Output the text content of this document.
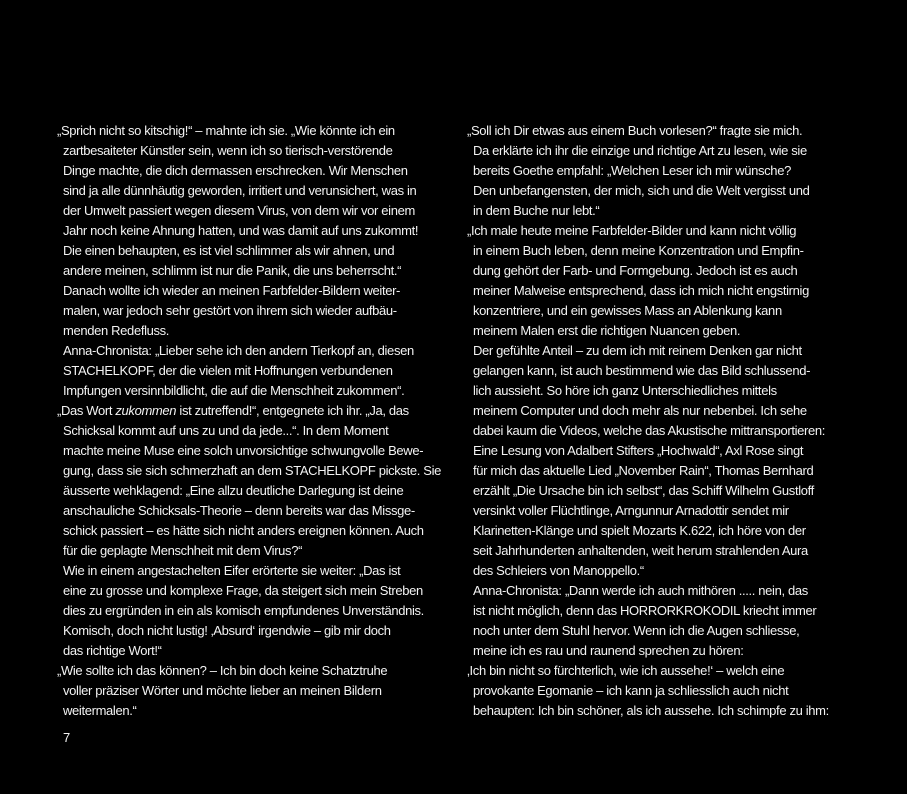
„Sprich nicht so kitschig!“ – mahnte ich sie. „Wie könnte ich ein
zartbesaiteter Künstler sein, wenn ich so tierisch-verstörende
Dinge machte, die dich dermassen erschrecken. Wir Menschen
sind ja alle dünnhäutig geworden, irritiert und verunsichert, was in
der Umwelt passiert wegen diesem Virus, von dem wir vor einem
Jahr noch keine Ahnung hatten, und was damit auf uns zukommt!
Die einen behaupten, es ist viel schlimmer als wir ahnen, und
andere meinen, schlimm ist nur die Panik, die uns beherrscht.“
Danach wollte ich wieder an meinen Farbfelder-Bildern weiter-
malen, war jedoch sehr gestört von ihrem sich wieder aufbäu-
menden Redefluss.
Anna-Chronista: „Lieber sehe ich den andern Tierkopf an, diesen
STACHELKOPF, der die vielen mit Hoffnungen verbundenen
Impfungen versinnbildlicht, die auf die Menschheit zukommen“.
„Das Wort zukommen ist zutreffend!“, entgegnete ich ihr. „Ja, das
Schicksal kommt auf uns zu und da jede...“. In dem Moment
machte meine Muse eine solch unvorsichtige schwungvolle Bewe-
gung, dass sie sich schmerzhaft an dem STACHELKOPF pickste. Sie
äusserte wehklagend: „Eine allzu deutliche Darlegung ist deine
anschauliche Schicksals-Theorie – denn bereits war das Missge-
schick passiert – es hätte sich nicht anders ereignen können. Auch
für die geplagte Menschheit mit dem Virus?“
Wie in einem angestachelten Eifer erörterte sie weiter: „Das ist
eine zu grosse und komplexe Frage, da steigert sich mein Streben
dies zu ergründen in ein als komisch empfundenes Unverständnis.
Komisch, doch nicht lustig! ‚Absurd‘ irgendwie – gib mir doch
das richtige Wort!“
„Wie sollte ich das können? – Ich bin doch keine Schatztruhe
voller präziser Wörter und möchte lieber an meinen Bildern
weitermalen.“
„Soll ich Dir etwas aus einem Buch vorlesen?“ fragte sie mich.
Da erklärte ich ihr die einzige und richtige Art zu lesen, wie sie
bereits Goethe empfahl: „Welchen Leser ich mir wünsche?
Den unbefangensten, der mich, sich und die Welt vergisst und
in dem Buche nur lebt.“
„Ich male heute meine Farbfelder-Bilder und kann nicht völlig
in einem Buch leben, denn meine Konzentration und Empfin-
dung gehört der Farb- und Formgebung. Jedoch ist es auch
meiner Malweise entsprechend, dass ich mich nicht engstirnig
konzentriere, und ein gewisses Mass an Ablenkung kann
meinem Malen erst die richtigen Nuancen geben.
Der gefühlte Anteil – zu dem ich mit reinem Denken gar nicht
gelangen kann, ist auch bestimmend wie das Bild schlussend-
lich aussieht. So höre ich ganz Unterschiedliches mittels
meinem Computer und doch mehr als nur nebenbei. Ich sehe
dabei kaum die Videos, welche das Akustische mittransportieren:
Eine Lesung von Adalbert Stifters „Hochwald“, Axl Rose singt
für mich das aktuelle Lied „November Rain“, Thomas Bernhard
erzählt „Die Ursache bin ich selbst“, das Schiff Wilhelm Gustloff
versinkt voller Flüchtlinge, Arngunnur Arnadottir sendet mir
Klarinetten-Klänge und spielt Mozarts K.622, ich höre von der
seit Jahrhunderten anhaltenden, weit herum strahlenden Aura
des Schleiers von Manoppello.“
Anna-Chronista: „Dann werde ich auch mithören ..... nein, das
ist nicht möglich, denn das HORRORKROKODIL kriecht immer
noch unter dem Stuhl hervor. Wenn ich die Augen schliesse,
meine ich es rau und raunend sprechen zu hören:
‚Ich bin nicht so fürchterlich, wie ich aussehe!‘ – welch eine
provokante Egomanie – ich kann ja schliesslich auch nicht
behaupten: Ich bin schöner, als ich aussehe. Ich schimpfe zu ihm:
7
